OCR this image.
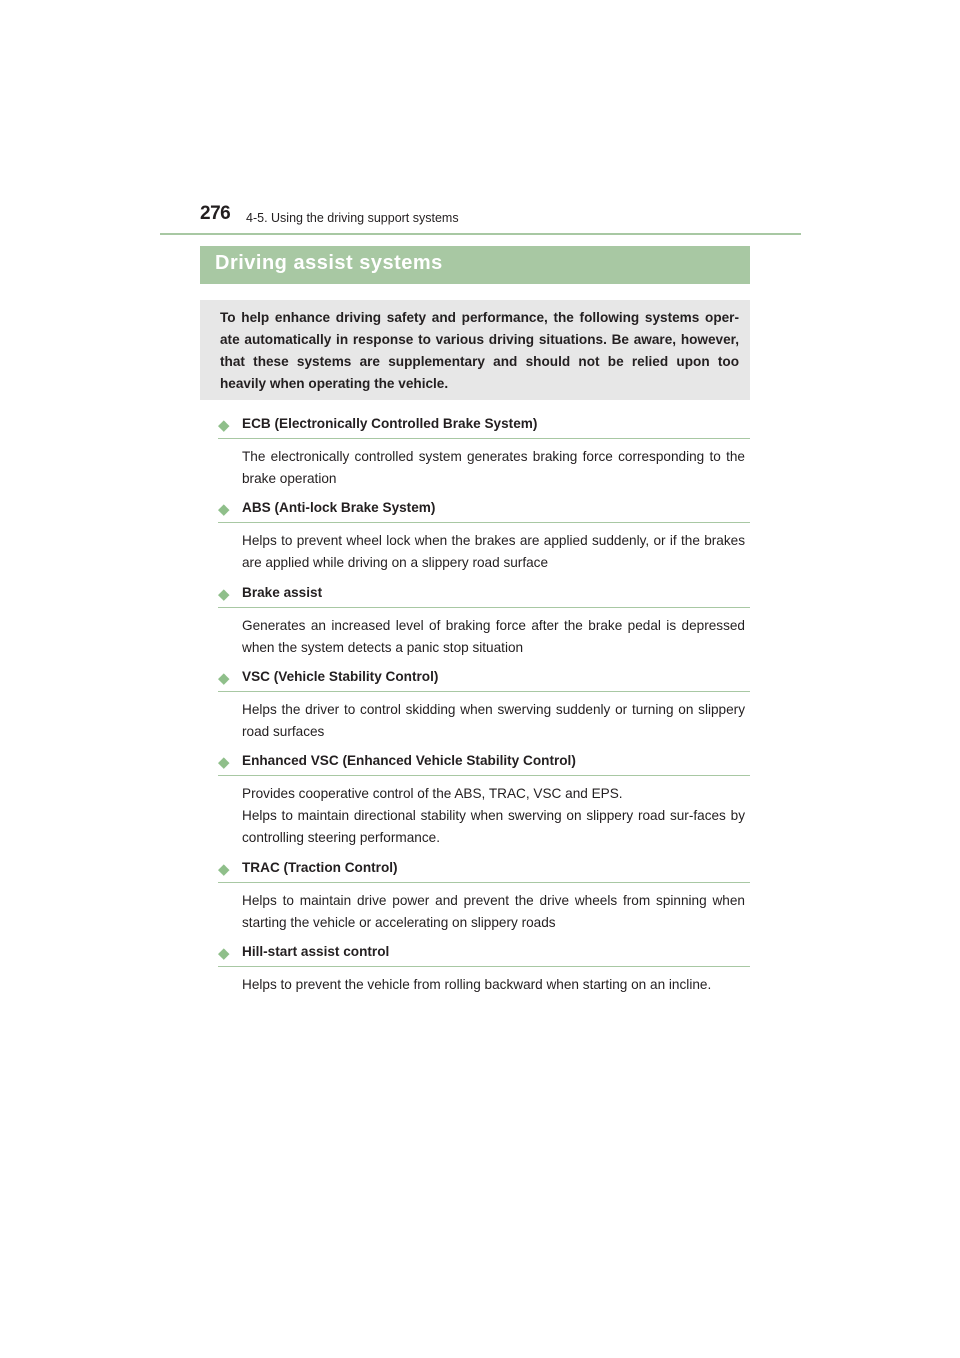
276 4-5. Using the driving support systems
Driving assist systems
To help enhance driving safety and performance, the following systems oper-ate automatically in response to various driving situations. Be aware, however, that these systems are supplementary and should not be relied upon too heavily when operating the vehicle.
◆ ECB (Electronically Controlled Brake System)

The electronically controlled system generates braking force corresponding to the brake operation

◆ ABS (Anti-lock Brake System)

Helps to prevent wheel lock when the brakes are applied suddenly, or if the brakes are applied while driving on a slippery road surface

◆ Brake assist

Generates an increased level of braking force after the brake pedal is depressed when the system detects a panic stop situation

◆ VSC (Vehicle Stability Control)

Helps the driver to control skidding when swerving suddenly or turning on slippery road surfaces

◆ Enhanced VSC (Enhanced Vehicle Stability Control)

Provides cooperative control of the ABS, TRAC, VSC and EPS.

Helps to maintain directional stability when swerving on slippery road sur-faces by controlling steering performance.

◆ TRAC (Traction Control)

Helps to maintain drive power and prevent the drive wheels from spinning when starting the vehicle or accelerating on slippery roads

◆ Hill-start assist control

Helps to prevent the vehicle from rolling backward when starting on an incline.
